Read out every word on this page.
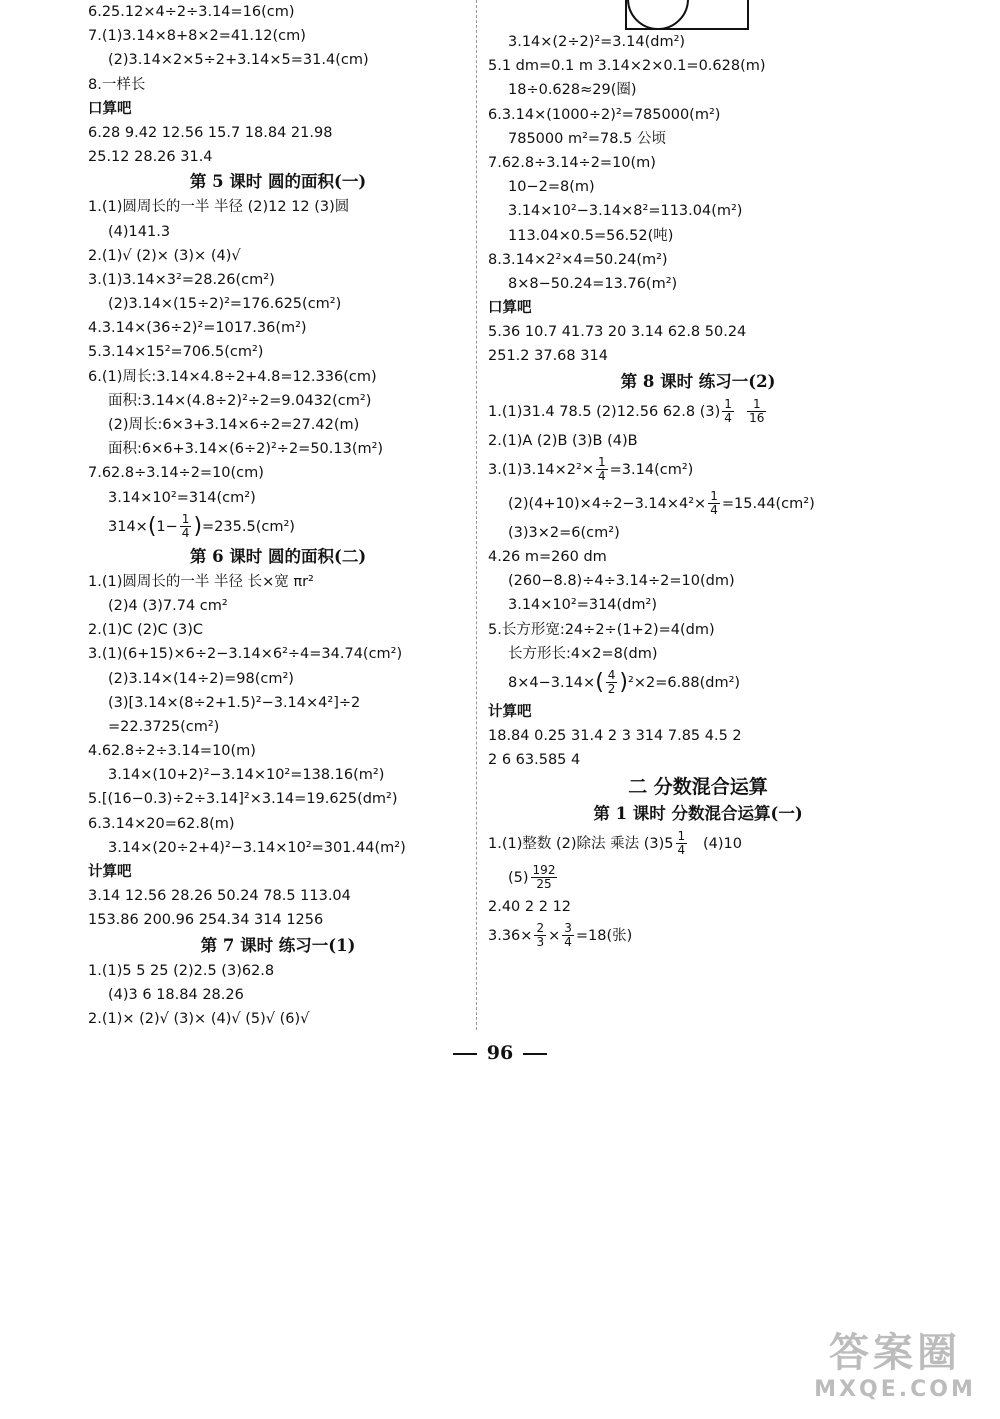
6.25.12×4÷2÷3.14=16(cm)
7.(1)3.14×8+8×2=41.12(cm)
(2)3.14×2×5÷2+3.14×5=31.4(cm)
8.一样长
口算吧
6.28 9.42 12.56 15.7 18.84 21.98
25.12 28.26 31.4
第 5 课时 圆的面积(一)
1.(1)圆周长的一半 半径 (2)12 12 (3)圆
(4)141.3
2.(1)√ (2)× (3)× (4)√
3.(1)3.14×3²=28.26(cm²)
(2)3.14×(15÷2)²=176.625(cm²)
4.3.14×(36÷2)²=1017.36(m²)
5.3.14×15²=706.5(cm²)
6.(1)周长:3.14×4.8÷2+4.8=12.336(cm)
面积:3.14×(4.8÷2)²÷2=9.0432(cm²)
(2)周长:6×3+3.14×6÷2=27.42(m)
面积:6×6+3.14×(6÷2)²÷2=50.13(m²)
7.62.8÷3.14÷2=10(cm)
3.14×10²=314(cm²)
$314\times(1- \frac{1}{4} )=235.5(cm^2)$
第 6 课时 圆的面积(二)
1.(1)圆周长的一半 半径 长×宽 πr²
(2)4 (3)7.74 cm²
2.(1)C (2)C (3)C
3.(1)(6+15)×6÷2−3.14×6²÷4=34.74(cm²)
(2)3.14×(14÷2)=98(cm²)
(3)[3.14×(8÷2+1.5)²−3.14×4²]÷2
=22.3725(cm²)
4.62.8÷2÷3.14=10(m)
3.14×(10+2)²−3.14×10²=138.16(m²)
5.[(16−0.3)÷2÷3.14]²×3.14=19.625(dm²)
6.3.14×20=62.8(m)
3.14×(20÷2+4)²−3.14×10²=301.44(m²)
计算吧
3.14 12.56 28.26 50.24 78.5 113.04
153.86 200.96 254.34 314 1256
第 7 课时 练习一(1)
1.(1)5 5 25 (2)2.5 (3)62.8
(4)3 6 18.84 28.26
2.(1)× (2)√ (3)× (4)√ (5)√ (6)√
3.14×(2÷2)²=3.14(dm²)
5.1 dm=0.1 m 3.14×2×0.1=0.628(m)
18÷0.628≈29(圈)
6.3.14×(1000÷2)²=785000(m²)
785000 m²=78.5 公顷
7.62.8÷3.14÷2=10(m)
10−2=8(m)
3.14×10²−3.14×8²=113.04(m²)
113.04×0.5=56.52(吨)
8.3.14×2²×4=50.24(m²)
8×8−50.24=13.76(m²)
口算吧
5.36 10.7 41.73 20 3.14 62.8 50.24
251.2 37.68 314
第 8 课时 练习一(2)
1.(1)31.4 78.5 (2)12.56 62.8 $(3) \frac{1}{4}$
$\frac{1}{16}$
2.(1)A (2)B (3)B (4)B
$3.(1)3.14\times 2^2\times \frac{1}{4} =3.14(cm^2)$
$(2)(4+10)\times 4\div 2-3.14\times 4^2\times \frac{1}{4} =15.44(cm^2)$
(3)3×2=6(cm²)
4.26 m=260 dm
(260−8.8)÷4÷3.14÷2=10(dm)
3.14×10²=314(dm²)
5.长方形宽:24÷2÷(1+2)=4(dm)
长方形长:4×2=8(dm)
$8\times 4-3.14\times( \frac{4}{2} )^2\times 2=6.88(dm^2)$
计算吧
18.84 0.25 31.4 2 3 314 7.85 4.5 2
2 6 63.585 4
二 分数混合运算
第 1 课时 分数混合运算(一)
1.(1)整数 (2)除法 乘法 $(3)5 \frac{1}{4} (4)10$
$(5) \frac{192}{25}$
2.40 2 2 12
$3.36\times \frac{2}{3} \times \frac{3}{4} =18$(张)
96
答案圈
MXQE.COM
